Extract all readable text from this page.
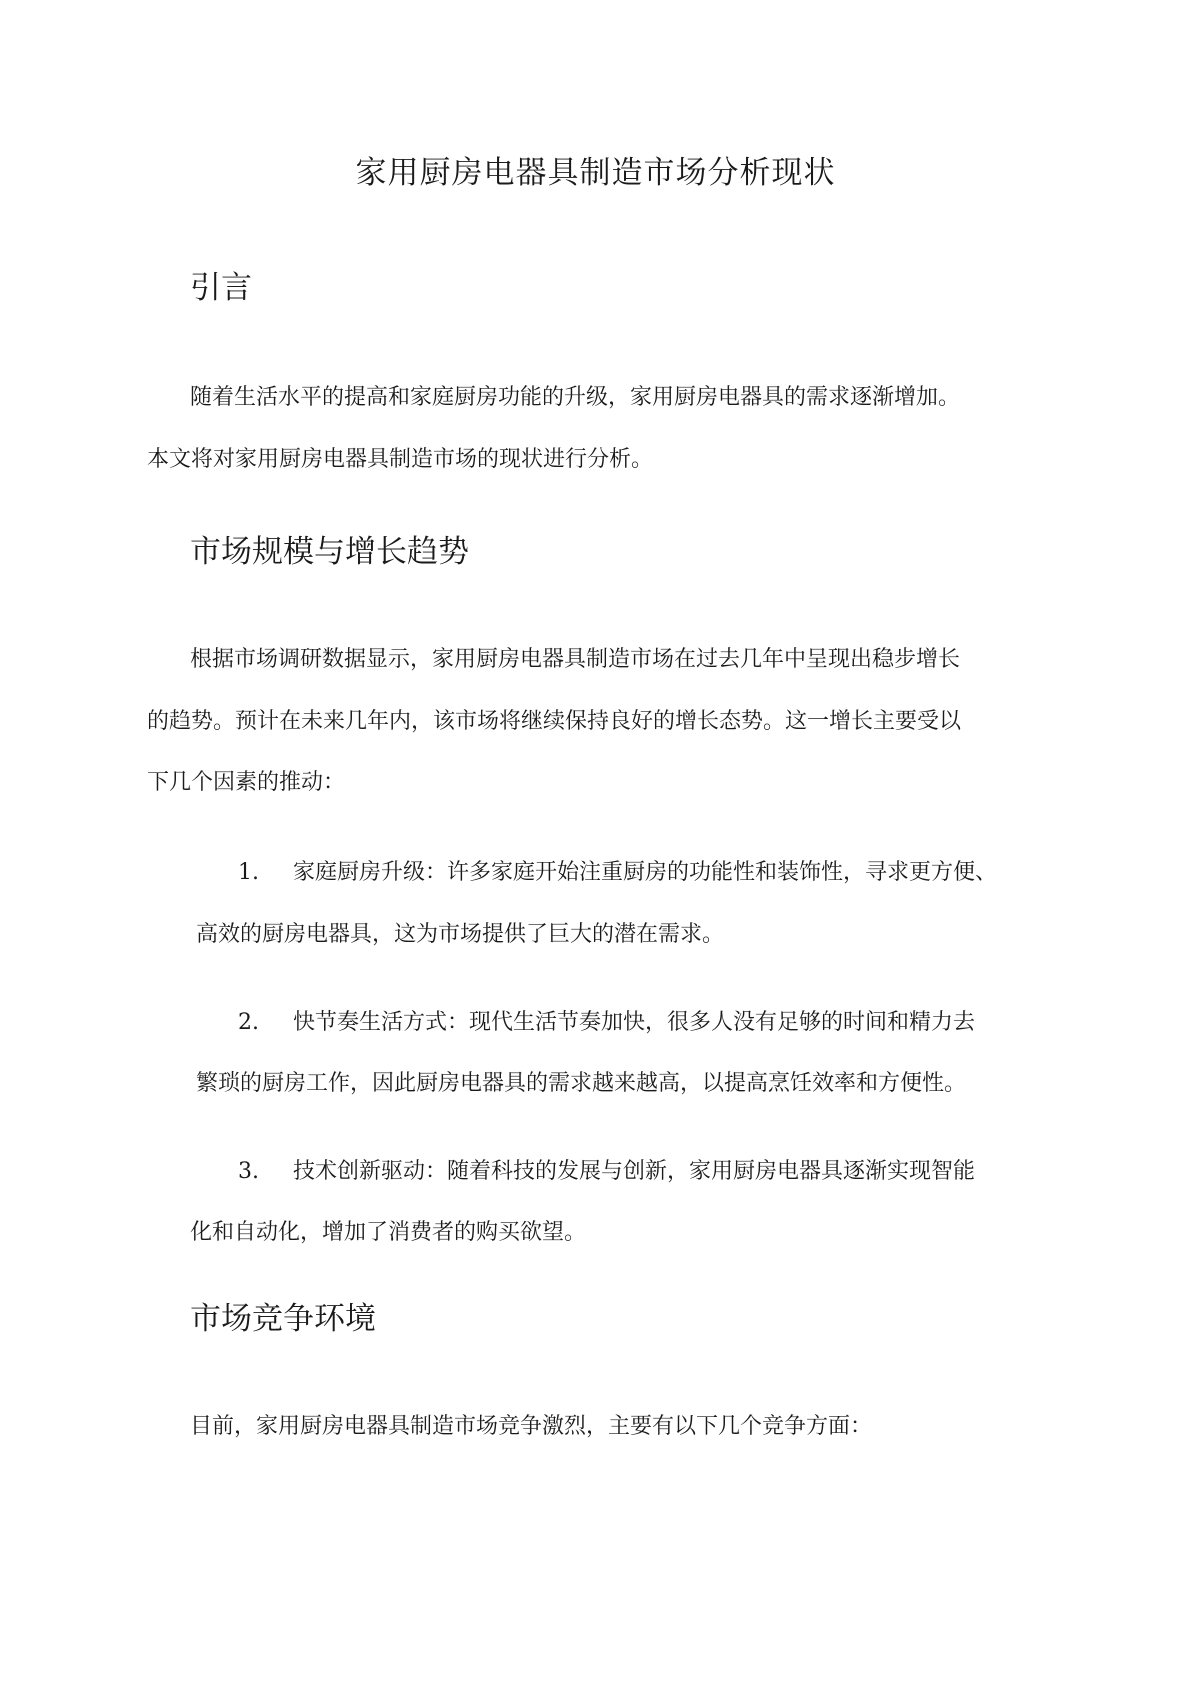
家用厨房电器具制造市场分析现状
引言
随着生活水平的提高和家庭厨房功能的升级，家用厨房电器具的需求逐渐增加。
本文将对家用厨房电器具制造市场的现状进行分析。
市场规模与增长趋势
根据市场调研数据显示，家用厨房电器具制造市场在过去几年中呈现出稳步增长
的趋势。预计在未来几年内，该市场将继续保持良好的增长态势。这一增长主要受以
下几个因素的推动：
1. 家庭厨房升级：许多家庭开始注重厨房的功能性和装饰性，寻求更方便、
高效的厨房电器具，这为市场提供了巨大的潜在需求。
2. 快节奏生活方式：现代生活节奏加快，很多人没有足够的时间和精力去
繁琐的厨房工作，因此厨房电器具的需求越来越高，以提高烹饪效率和方便性。
3. 技术创新驱动：随着科技的发展与创新，家用厨房电器具逐渐实现智能
化和自动化，增加了消费者的购买欲望。
市场竞争环境
目前，家用厨房电器具制造市场竞争激烈，主要有以下几个竞争方面：
